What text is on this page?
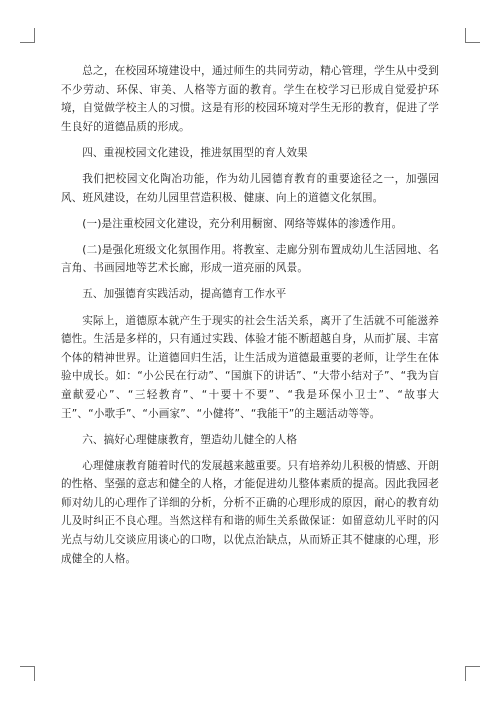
总之，在校园环境建设中，通过师生的共同劳动，精心管理，学生从中受到不少劳动、环保、审美、人格等方面的教育。学生在校学习已形成自觉爱护环境，自觉做学校主人的习惯。这是有形的校园环境对学生无形的教育，促进了学生良好的道德品质的形成。

四、重视校园文化建设，推进氛围型的育人效果

我们把校园文化陶冶功能，作为幼儿园德育教育的重要途径之一，加强园风、班风建设，在幼儿园里营造积极、健康、向上的道德文化氛围。

(一)是注重校园文化建设，充分利用橱窗、网络等媒体的渗透作用。

(二)是强化班级文化氛围作用。将教室、走廊分别布置成幼儿生活园地、名言角、书画园地等艺术长廊，形成一道亮丽的风景。

五、加强德育实践活动，提高德育工作水平

实际上，道德原本就产生于现实的社会生活关系，离开了生活就不可能滋养德性。生活是多样的，只有通过实践、体验才能不断超越自身，从而扩展、丰富个体的精神世界。让道德回归生活，让生活成为道德最重要的老师，让学生在体验中成长。如：“小公民在行动”、“国旗下的讲话”、“大带小结对子”、“我为盲童献爱心”、“三轻教育”、“十要十不要”、“我是环保小卫士”、“故事大王”、“小歌手”、“小画家”、“小健将”、“我能干”的主题活动等等。

六、搞好心理健康教育，塑造幼儿健全的人格

心理健康教育随着时代的发展越来越重要。只有培养幼儿积极的情感、开朗的性格、坚强的意志和健全的人格，才能促进幼儿整体素质的提高。因此我园老师对幼儿的心理作了详细的分析，分析不正确的心理形成的原因，耐心的教育幼儿及时纠正不良心理。当然这样有和谐的师生关系做保证：如留意幼儿平时的闪光点与幼儿交谈应用谈心的口吻，以优点治缺点，从而矫正其不健康的心理，形成健全的人格。
